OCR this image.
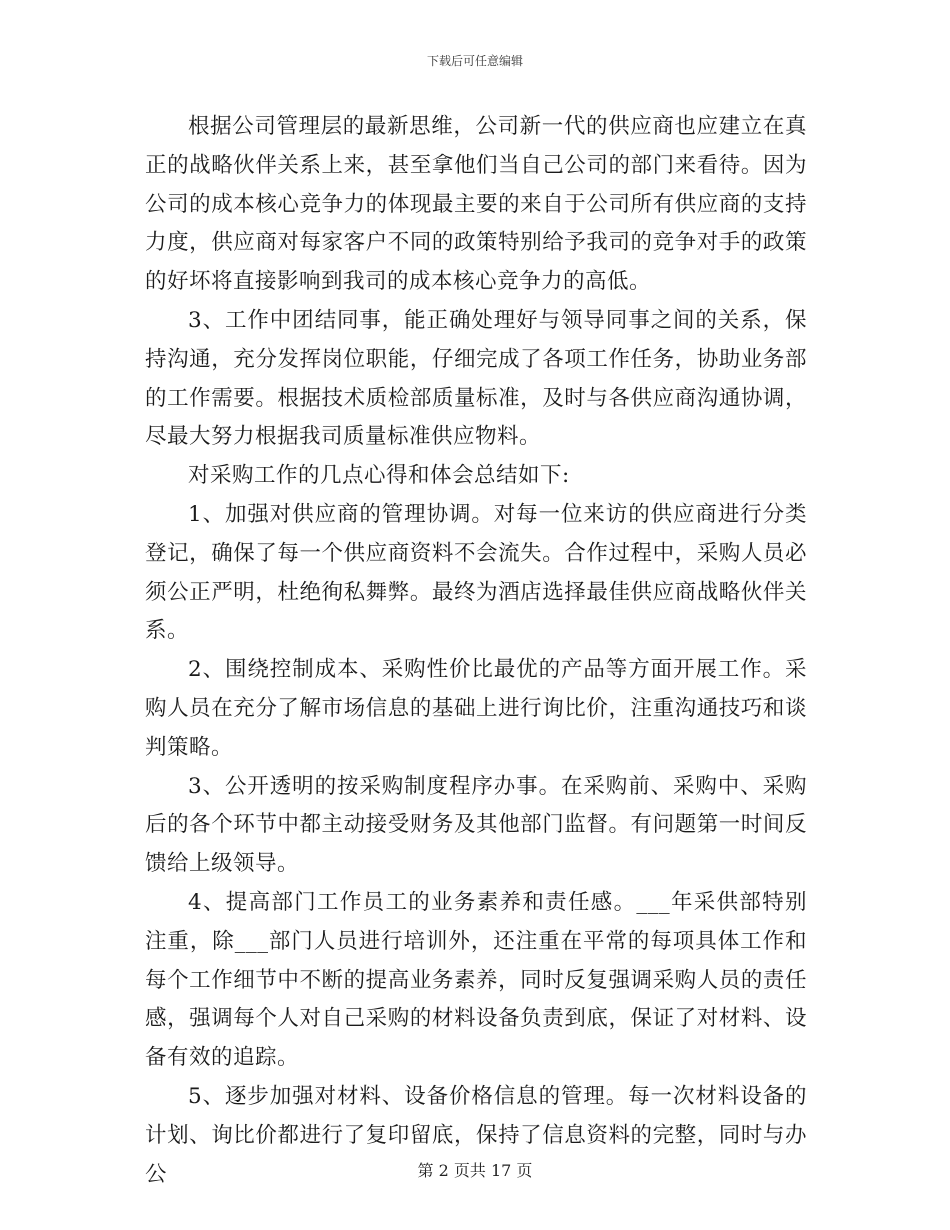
下载后可任意编辑

根据公司管理层的最新思维，公司新一代的供应商也应建立在真正的战略伙伴关系上来，甚至拿他们当自己公司的部门来看待。因为公司的成本核心竞争力的体现最主要的来自于公司所有供应商的支持力度，供应商对每家客户不同的政策特别给予我司的竞争对手的政策的好坏将直接影响到我司的成本核心竞争力的高低。

3、工作中团结同事，能正确处理好与领导同事之间的关系，保持沟通，充分发挥岗位职能，仔细完成了各项工作任务，协助业务部的工作需要。根据技术质检部质量标准，及时与各供应商沟通协调，尽最大努力根据我司质量标准供应物料。

对采购工作的几点心得和体会总结如下:

1、加强对供应商的管理协调。对每一位来访的供应商进行分类登记，确保了每一个供应商资料不会流失。合作过程中，采购人员必须公正严明，杜绝徇私舞弊。最终为酒店选择最佳供应商战略伙伴关系。

2、围绕控制成本、采购性价比最优的产品等方面开展工作。采购人员在充分了解市场信息的基础上进行询比价，注重沟通技巧和谈判策略。

3、公开透明的按采购制度程序办事。在采购前、采购中、采购后的各个环节中都主动接受财务及其他部门监督。有问题第一时间反馈给上级领导。

4、提高部门工作员工的业务素养和责任感。___年采供部特别注重，除___部门人员进行培训外，还注重在平常的每项具体工作和每个工作细节中不断的提高业务素养，同时反复强调采购人员的责任感，强调每个人对自己采购的材料设备负责到底，保证了对材料、设备有效的追踪。

5、逐步加强对材料、设备价格信息的管理。每一次材料设备的计划、询比价都进行了复印留底，保持了信息资料的完整，同时与办公	第 2 页共 17 页
